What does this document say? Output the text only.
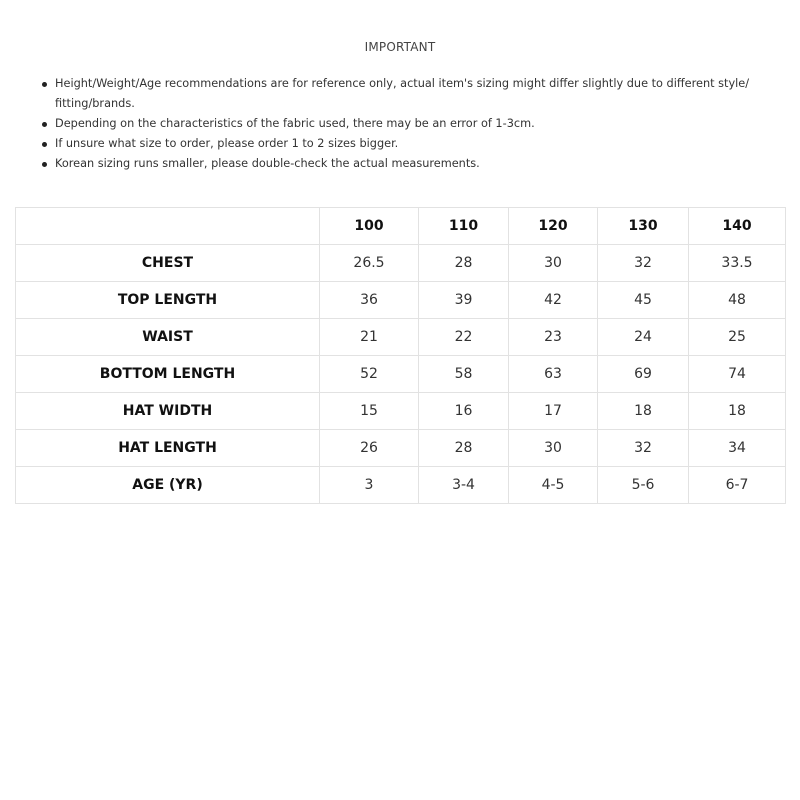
IMPORTANT
Height/Weight/Age recommendations are for reference only, actual item's sizing might differ slightly due to different style/ fitting/brands.
Depending on the characteristics of the fabric used, there may be an error of 1-3cm.
If unsure what size to order, please order 1 to 2 sizes bigger.
Korean sizing runs smaller, please double-check the actual measurements.
	100	110	120	130	140
CHEST	26.5	28	30	32	33.5
TOP LENGTH	36	39	42	45	48
WAIST	21	22	23	24	25
BOTTOM LENGTH	52	58	63	69	74
HAT WIDTH	15	16	17	18	18
HAT LENGTH	26	28	30	32	34
AGE (YR)	3	3-4	4-5	5-6	6-7
